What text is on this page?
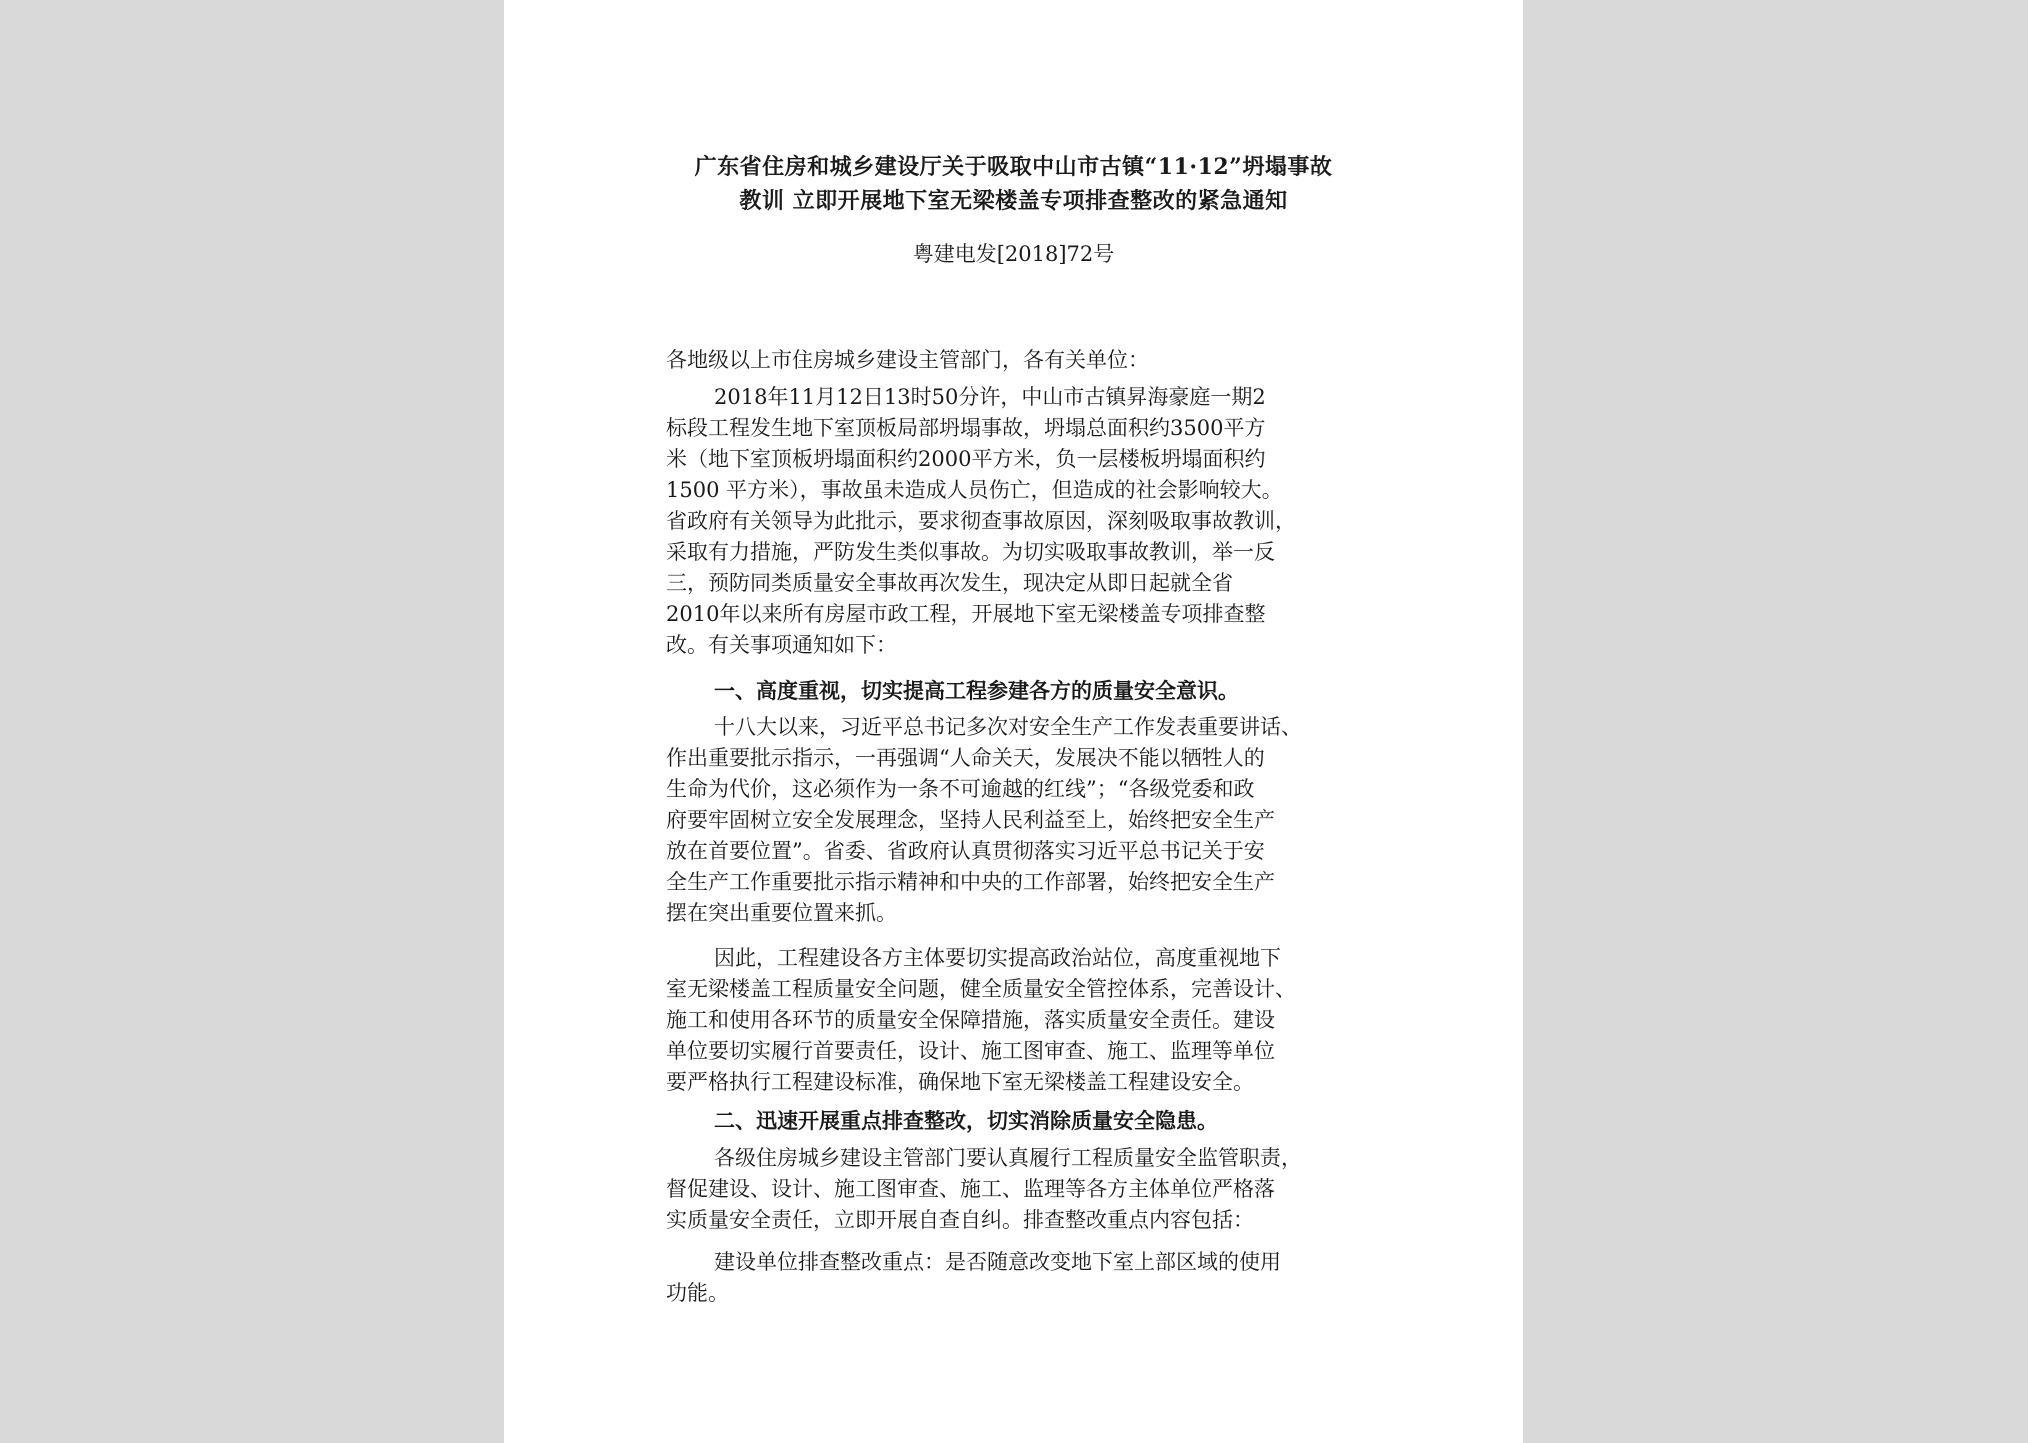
广东省住房和城乡建设厅关于吸取中山市古镇“11·12”坍塌事故
教训 立即开展地下室无梁楼盖专项排查整改的紧急通知
粤建电发[2018]72号
各地级以上市住房城乡建设主管部门，各有关单位：
2018年11月12日13时50分许，中山市古镇昇海豪庭一期2
标段工程发生地下室顶板局部坍塌事故，坍塌总面积约3500平方
米（地下室顶板坍塌面积约2000平方米，负一层楼板坍塌面积约
1500 平方米），事故虽未造成人员伤亡，但造成的社会影响较大。
省政府有关领导为此批示，要求彻查事故原因，深刻吸取事故教训，
采取有力措施，严防发生类似事故。为切实吸取事故教训，举一反
三，预防同类质量安全事故再次发生，现决定从即日起就全省
2010年以来所有房屋市政工程，开展地下室无梁楼盖专项排查整
改。有关事项通知如下：
一、高度重视，切实提高工程参建各方的质量安全意识。
十八大以来，习近平总书记多次对安全生产工作发表重要讲话、
作出重要批示指示，一再强调“人命关天，发展决不能以牺牲人的
生命为代价，这必须作为一条不可逾越的红线”；“各级党委和政
府要牢固树立安全发展理念，坚持人民利益至上，始终把安全生产
放在首要位置”。省委、省政府认真贯彻落实习近平总书记关于安
全生产工作重要批示指示精神和中央的工作部署，始终把安全生产
摆在突出重要位置来抓。
因此，工程建设各方主体要切实提高政治站位，高度重视地下
室无梁楼盖工程质量安全问题，健全质量安全管控体系，完善设计、
施工和使用各环节的质量安全保障措施，落实质量安全责任。建设
单位要切实履行首要责任，设计、施工图审查、施工、监理等单位
要严格执行工程建设标准，确保地下室无梁楼盖工程建设安全。
二、迅速开展重点排查整改，切实消除质量安全隐患。
各级住房城乡建设主管部门要认真履行工程质量安全监管职责，
督促建设、设计、施工图审查、施工、监理等各方主体单位严格落
实质量安全责任，立即开展自查自纠。排查整改重点内容包括：
建设单位排查整改重点：是否随意改变地下室上部区域的使用
功能。
